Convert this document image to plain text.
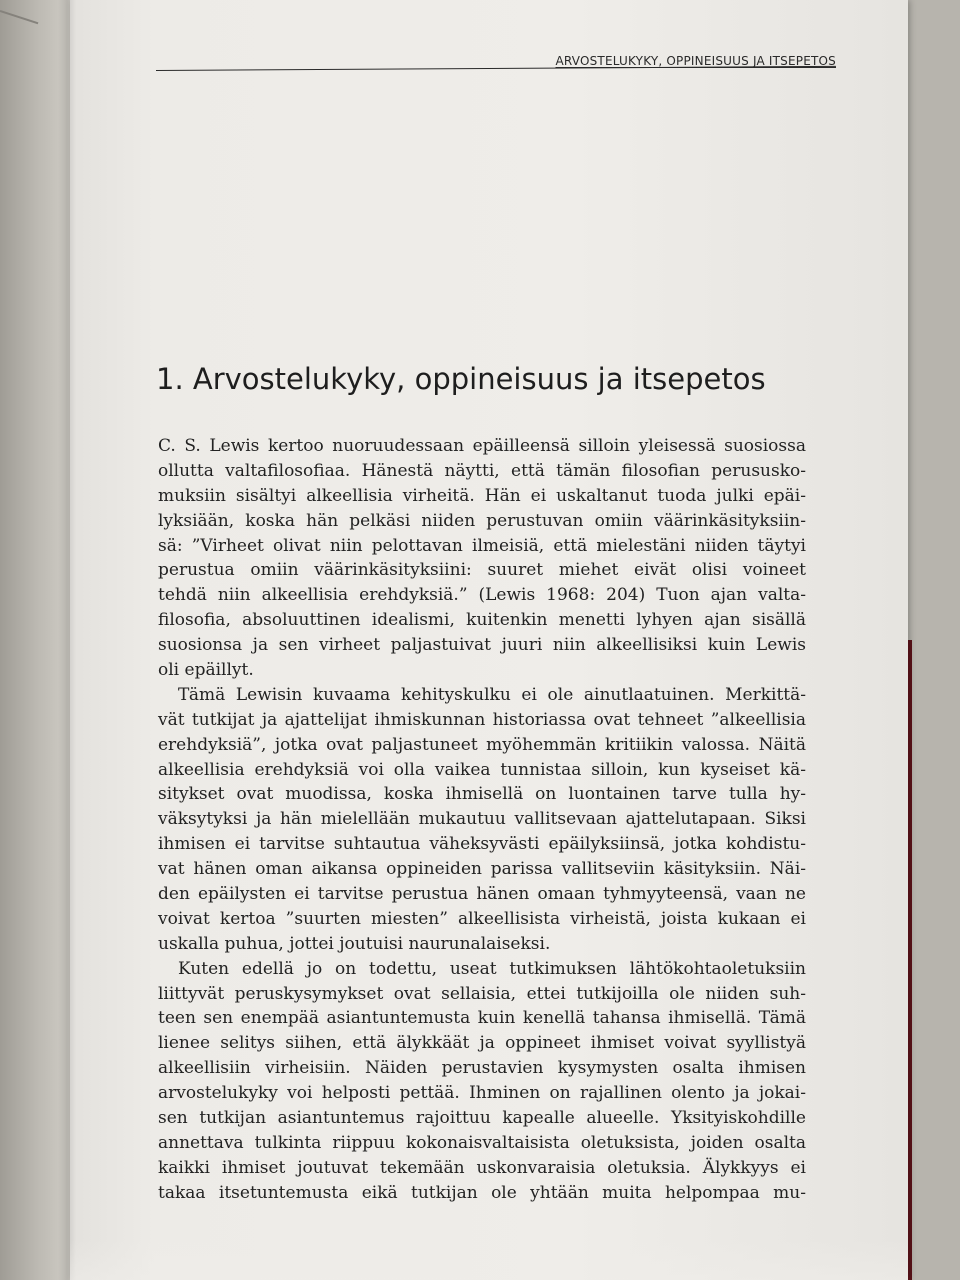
ARVOSTELUKYKY, OPPINEISUUS JA ITSEPETOS
1. Arvostelukyky, oppineisuus ja itsepetos

C. S. Lewis kertoo nuoruudessaan epäilleensä silloin yleisessä suosiossa
ollutta valtafilosofiaa. Hänestä näytti, että tämän filosofian perususko-
muksiin sisältyi alkeellisia virheitä. Hän ei uskaltanut tuoda julki epäi-
lyksiään, koska hän pelkäsi niiden perustuvan omiin väärinkäsityksiin-
sä: ”Virheet olivat niin pelottavan ilmeisiä, että mielestäni niiden täytyi
perustua omiin väärinkäsityksiini: suuret miehet eivät olisi voineet
tehdä niin alkeellisia erehdyksiä.” (Lewis 1968: 204) Tuon ajan valta-
filosofia, absoluuttinen idealismi, kuitenkin menetti lyhyen ajan sisällä
suosionsa ja sen virheet paljastuivat juuri niin alkeellisiksi kuin Lewis
oli epäillyt.

Tämä Lewisin kuvaama kehityskulku ei ole ainutlaatuinen. Merkittä-
vät tutkijat ja ajattelijat ihmiskunnan historiassa ovat tehneet ”alkeellisia
erehdyksiä”, jotka ovat paljastuneet myöhemmän kritiikin valossa. Näitä
alkeellisia erehdyksiä voi olla vaikea tunnistaa silloin, kun kyseiset kä-
sitykset ovat muodissa, koska ihmisellä on luontainen tarve tulla hy-
väksytyksi ja hän mielellään mukautuu vallitsevaan ajattelutapaan. Siksi
ihmisen ei tarvitse suhtautua väheksyvästi epäilyksiinsä, jotka kohdistu-
vat hänen oman aikansa oppineiden parissa vallitseviin käsityksiin. Näi-
den epäilysten ei tarvitse perustua hänen omaan tyhmyyteensä, vaan ne
voivat kertoa ”suurten miesten” alkeellisista virheistä, joista kukaan ei
uskalla puhua, jottei joutuisi naurunalaiseksi.

Kuten edellä jo on todettu, useat tutkimuksen lähtökohtaoletuksiin
liittyvät peruskysymykset ovat sellaisia, ettei tutkijoilla ole niiden suh-
teen sen enempää asiantuntemusta kuin kenellä tahansa ihmisellä. Tämä
lienee selitys siihen, että älykkäät ja oppineet ihmiset voivat syyllistyä
alkeellisiin virheisiin. Näiden perustavien kysymysten osalta ihmisen
arvostelukyky voi helposti pettää. Ihminen on rajallinen olento ja jokai-
sen tutkijan asiantuntemus rajoittuu kapealle alueelle. Yksityiskohdille
annettava tulkinta riippuu kokonaisvaltaisista oletuksista, joiden osalta
kaikki ihmiset joutuvat tekemään uskonvaraisia oletuksia. Älykkyys ei
takaa itsetuntemusta eikä tutkijan ole yhtään muita helpompaa mu-
